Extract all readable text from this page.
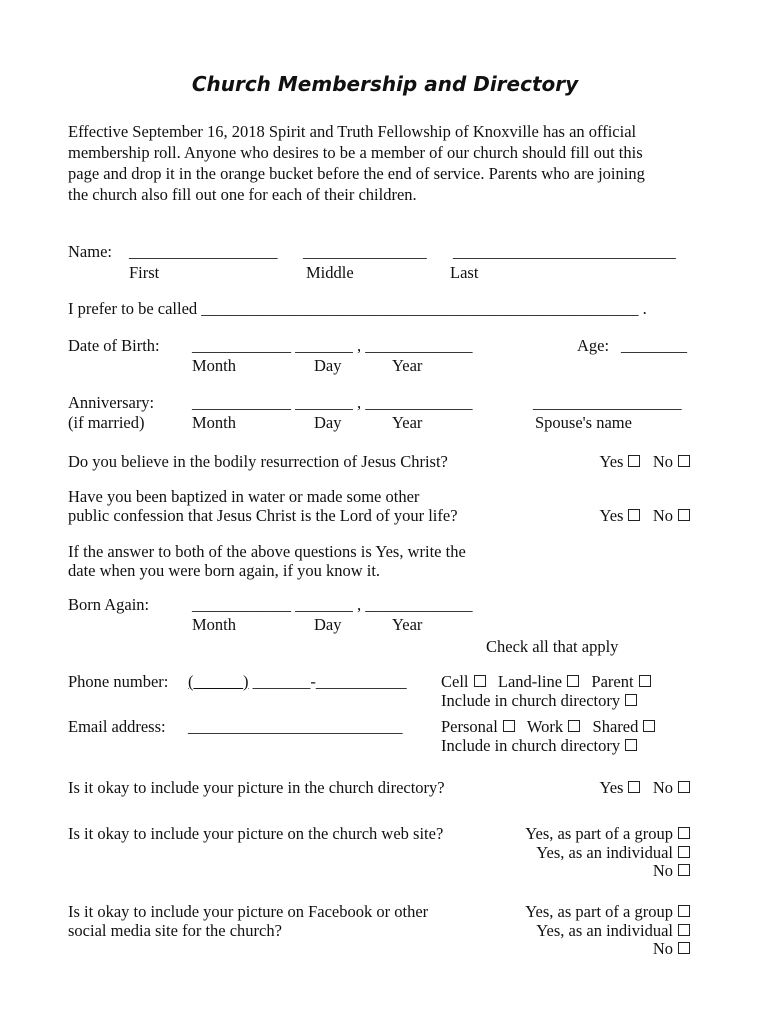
Church Membership and Directory
Effective September 16, 2018 Spirit and Truth Fellowship of Knoxville has an official
membership roll. Anyone who desires to be a member of our church should fill out this
page and drop it in the orange bucket before the end of service. Parents who are joining
the church also fill out one for each of their children.
Name: __________________ _______________ ___________________________
First	Middle	Last
I prefer to be called _____________________________________________________ .
Date of Birth: ____________ _______ , _____________
Month	Day	Year
Age: ________
Anniversary:
(if married)
____________ _______ , _____________
Month	Day	Year
__________________
Spouse's name
Do you believe in the bodily resurrection of Jesus Christ?	Yes No
Have you been baptized in water or made some other
public confession that Jesus Christ is the Lord of your life?	Yes No
If the answer to both of the above questions is Yes, write the
date when you were born again, if you know it.
Born Again:	____________ _______ , _____________
Month	Day	Year
Check all that apply
Phone number: (______) _______-___________ Cell Land-line Parent
Include in church directory
Email address: __________________________ Personal Work Shared
Include in church directory
Is it okay to include your picture in the church directory?	Yes No
Is it okay to include your picture on the church web site?	Yes, as part of a group
Yes, as an individual
No
Is it okay to include your picture on Facebook or other
social media site for the church?
Yes, as part of a group
Yes, as an individual
No
